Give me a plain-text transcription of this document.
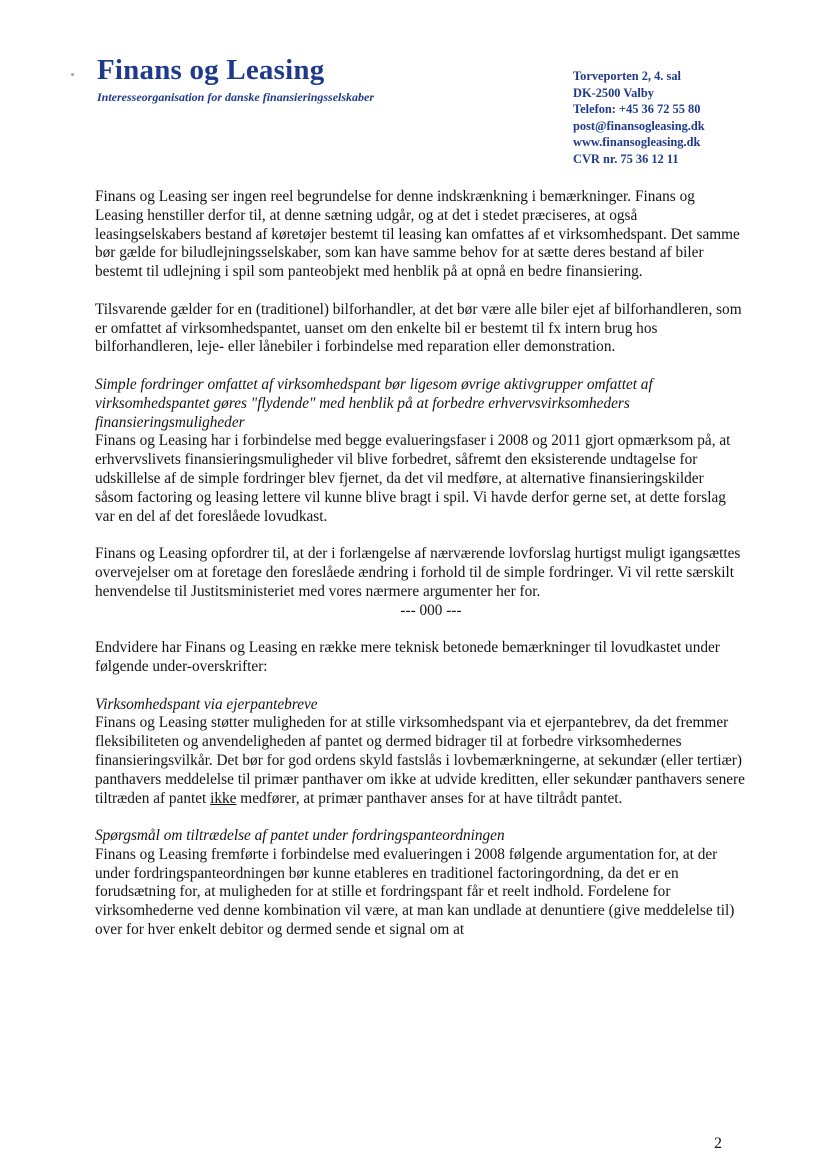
Finans og Leasing
Interesseorganisation for danske finansieringsselskaber
Torveporten 2, 4. sal
DK-2500 Valby
Telefon: +45 36 72 55 80
post@finansogleasing.dk
www.finansogleasing.dk
CVR nr. 75 36 12 11

Finans og Leasing ser ingen reel begrundelse for denne indskrænkning i bemærkninger. Finans og Leasing henstiller derfor til, at denne sætning udgår, og at det i stedet præciseres, at også leasingselskabers bestand af køretøjer bestemt til leasing kan omfattes af et virksomhedspant. Det samme bør gælde for biludlejningsselskaber, som kan have samme behov for at sætte deres bestand af biler bestemt til udlejning i spil som panteobjekt med henblik på at opnå en bedre finansiering.

Tilsvarende gælder for en (traditionel) bilforhandler, at det bør være alle biler ejet af bilforhandleren, som er omfattet af virksomhedspantet, uanset om den enkelte bil er bestemt til fx intern brug hos bilforhandleren, leje- eller lånebiler i forbindelse med reparation eller demonstration.

Simple fordringer omfattet af virksomhedspant bør ligesom øvrige aktivgrupper omfattet af virksomhedspantet gøres "flydende" med henblik på at forbedre erhvervsvirksomheders finansieringsmuligheder

Finans og Leasing har i forbindelse med begge evalueringsfaser i 2008 og 2011 gjort opmærksom på, at erhvervslivets finansieringsmuligheder vil blive forbedret, såfremt den eksisterende undtagelse for udskillelse af de simple fordringer blev fjernet, da det vil medføre, at alternative finansieringskilder såsom factoring og leasing lettere vil kunne blive bragt i spil. Vi havde derfor gerne set, at dette forslag var en del af det foreslåede lovudkast.

Finans og Leasing opfordrer til, at der i forlængelse af nærværende lovforslag hurtigst muligt igangsættes overvejelser om at foretage den foreslåede ændring i forhold til de simple fordringer. Vi vil rette særskilt henvendelse til Justitsministeriet med vores nærmere argumenter her for.

--- 000 ---

Endvidere har Finans og Leasing en række mere teknisk betonede bemærkninger til lovudkastet under følgende under-overskrifter:

Virksomhedspant via ejerpantebreve

Finans og Leasing støtter muligheden for at stille virksomhedspant via et ejerpantebrev, da det fremmer fleksibiliteten og anvendeligheden af pantet og dermed bidrager til at forbedre virksomhedernes finansieringsvilkår. Det bør for god ordens skyld fastslås i lovbemærkningerne, at sekundær (eller tertiær) panthavers meddelelse til primær panthaver om ikke at udvide kreditten, eller sekundær panthavers senere tiltræden af pantet ikke medfører, at primær panthaver anses for at have tiltrådt pantet.

Spørgsmål om tiltrædelse af pantet under fordringspanteordningen

Finans og Leasing fremførte i forbindelse med evalueringen i 2008 følgende argumentation for, at der under fordringspanteordningen bør kunne etableres en traditionel factoringordning, da det er en forudsætning for, at muligheden for at stille et fordringspant får et reelt indhold. Fordelene for virksomhederne ved denne kombination vil være, at man kan undlade at denuntiere (give meddelelse til) over for hver enkelt debitor og dermed sende et signal om at

2
